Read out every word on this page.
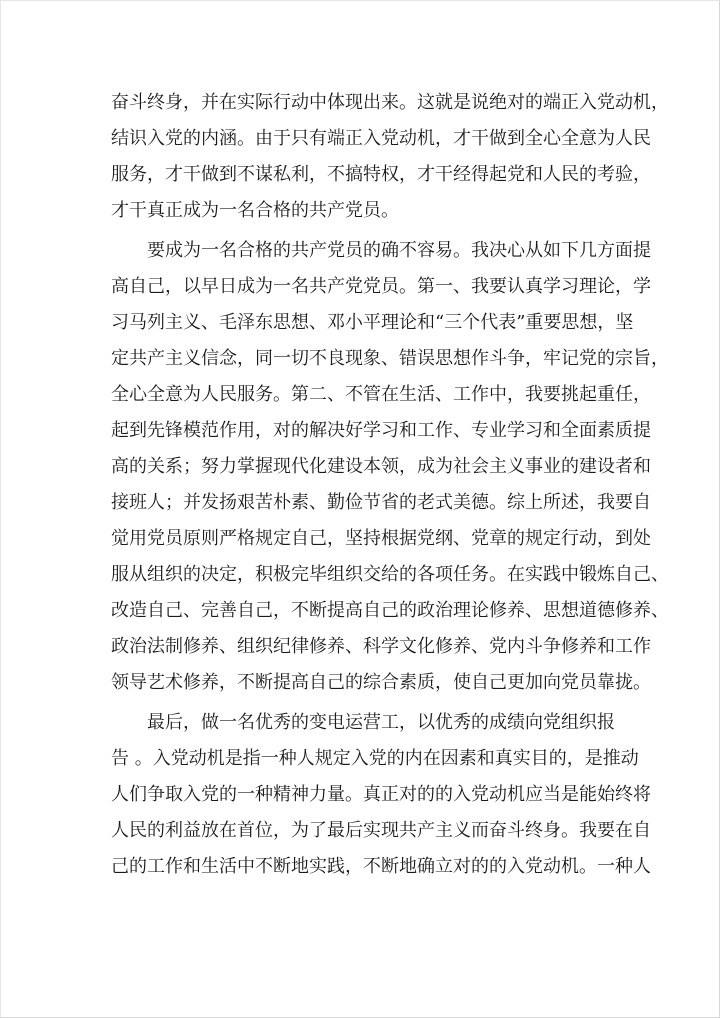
奋斗终身，并在实际行动中体现出来。这就是说绝对的端正入党动机，
结识入党的内涵。由于只有端正入党动机，才干做到全心全意为人民
服务，才干做到不谋私利，不搞特权，才干经得起党和人民的考验，
才干真正成为一名合格的共产党员。
要成为一名合格的共产党员的确不容易。我决心从如下几方面提
高自己，以早日成为一名共产党党员。第一、我要认真学习理论，学
习马列主义、毛泽东思想、邓小平理论和“三个代表”重要思想，坚
定共产主义信念，同一切不良现象、错误思想作斗争，牢记党的宗旨，
全心全意为人民服务。第二、不管在生活、工作中，我要挑起重任，
起到先锋模范作用，对的解决好学习和工作、专业学习和全面素质提
高的关系；努力掌握现代化建设本领，成为社会主义事业的建设者和
接班人；并发扬艰苦朴素、勤俭节省的老式美德。综上所述，我要自
觉用党员原则严格规定自己，坚持根据党纲、党章的规定行动，到处
服从组织的决定，积极完毕组织交给的各项任务。在实践中锻炼自己、
改造自己、完善自己，不断提高自己的政治理论修养、思想道德修养、
政治法制修养、组织纪律修养、科学文化修养、党内斗争修养和工作
领导艺术修养，不断提高自己的综合素质，使自己更加向党员靠拢。
最后，做一名优秀的变电运营工，以优秀的成绩向党组织报
告 。入党动机是指一种人规定入党的内在因素和真实目的，是推动
人们争取入党的一种精神力量。真正对的的入党动机应当是能始终将
人民的利益放在首位，为了最后实现共产主义而奋斗终身。我要在自
己的工作和生活中不断地实践，不断地确立对的的入党动机。一种人
